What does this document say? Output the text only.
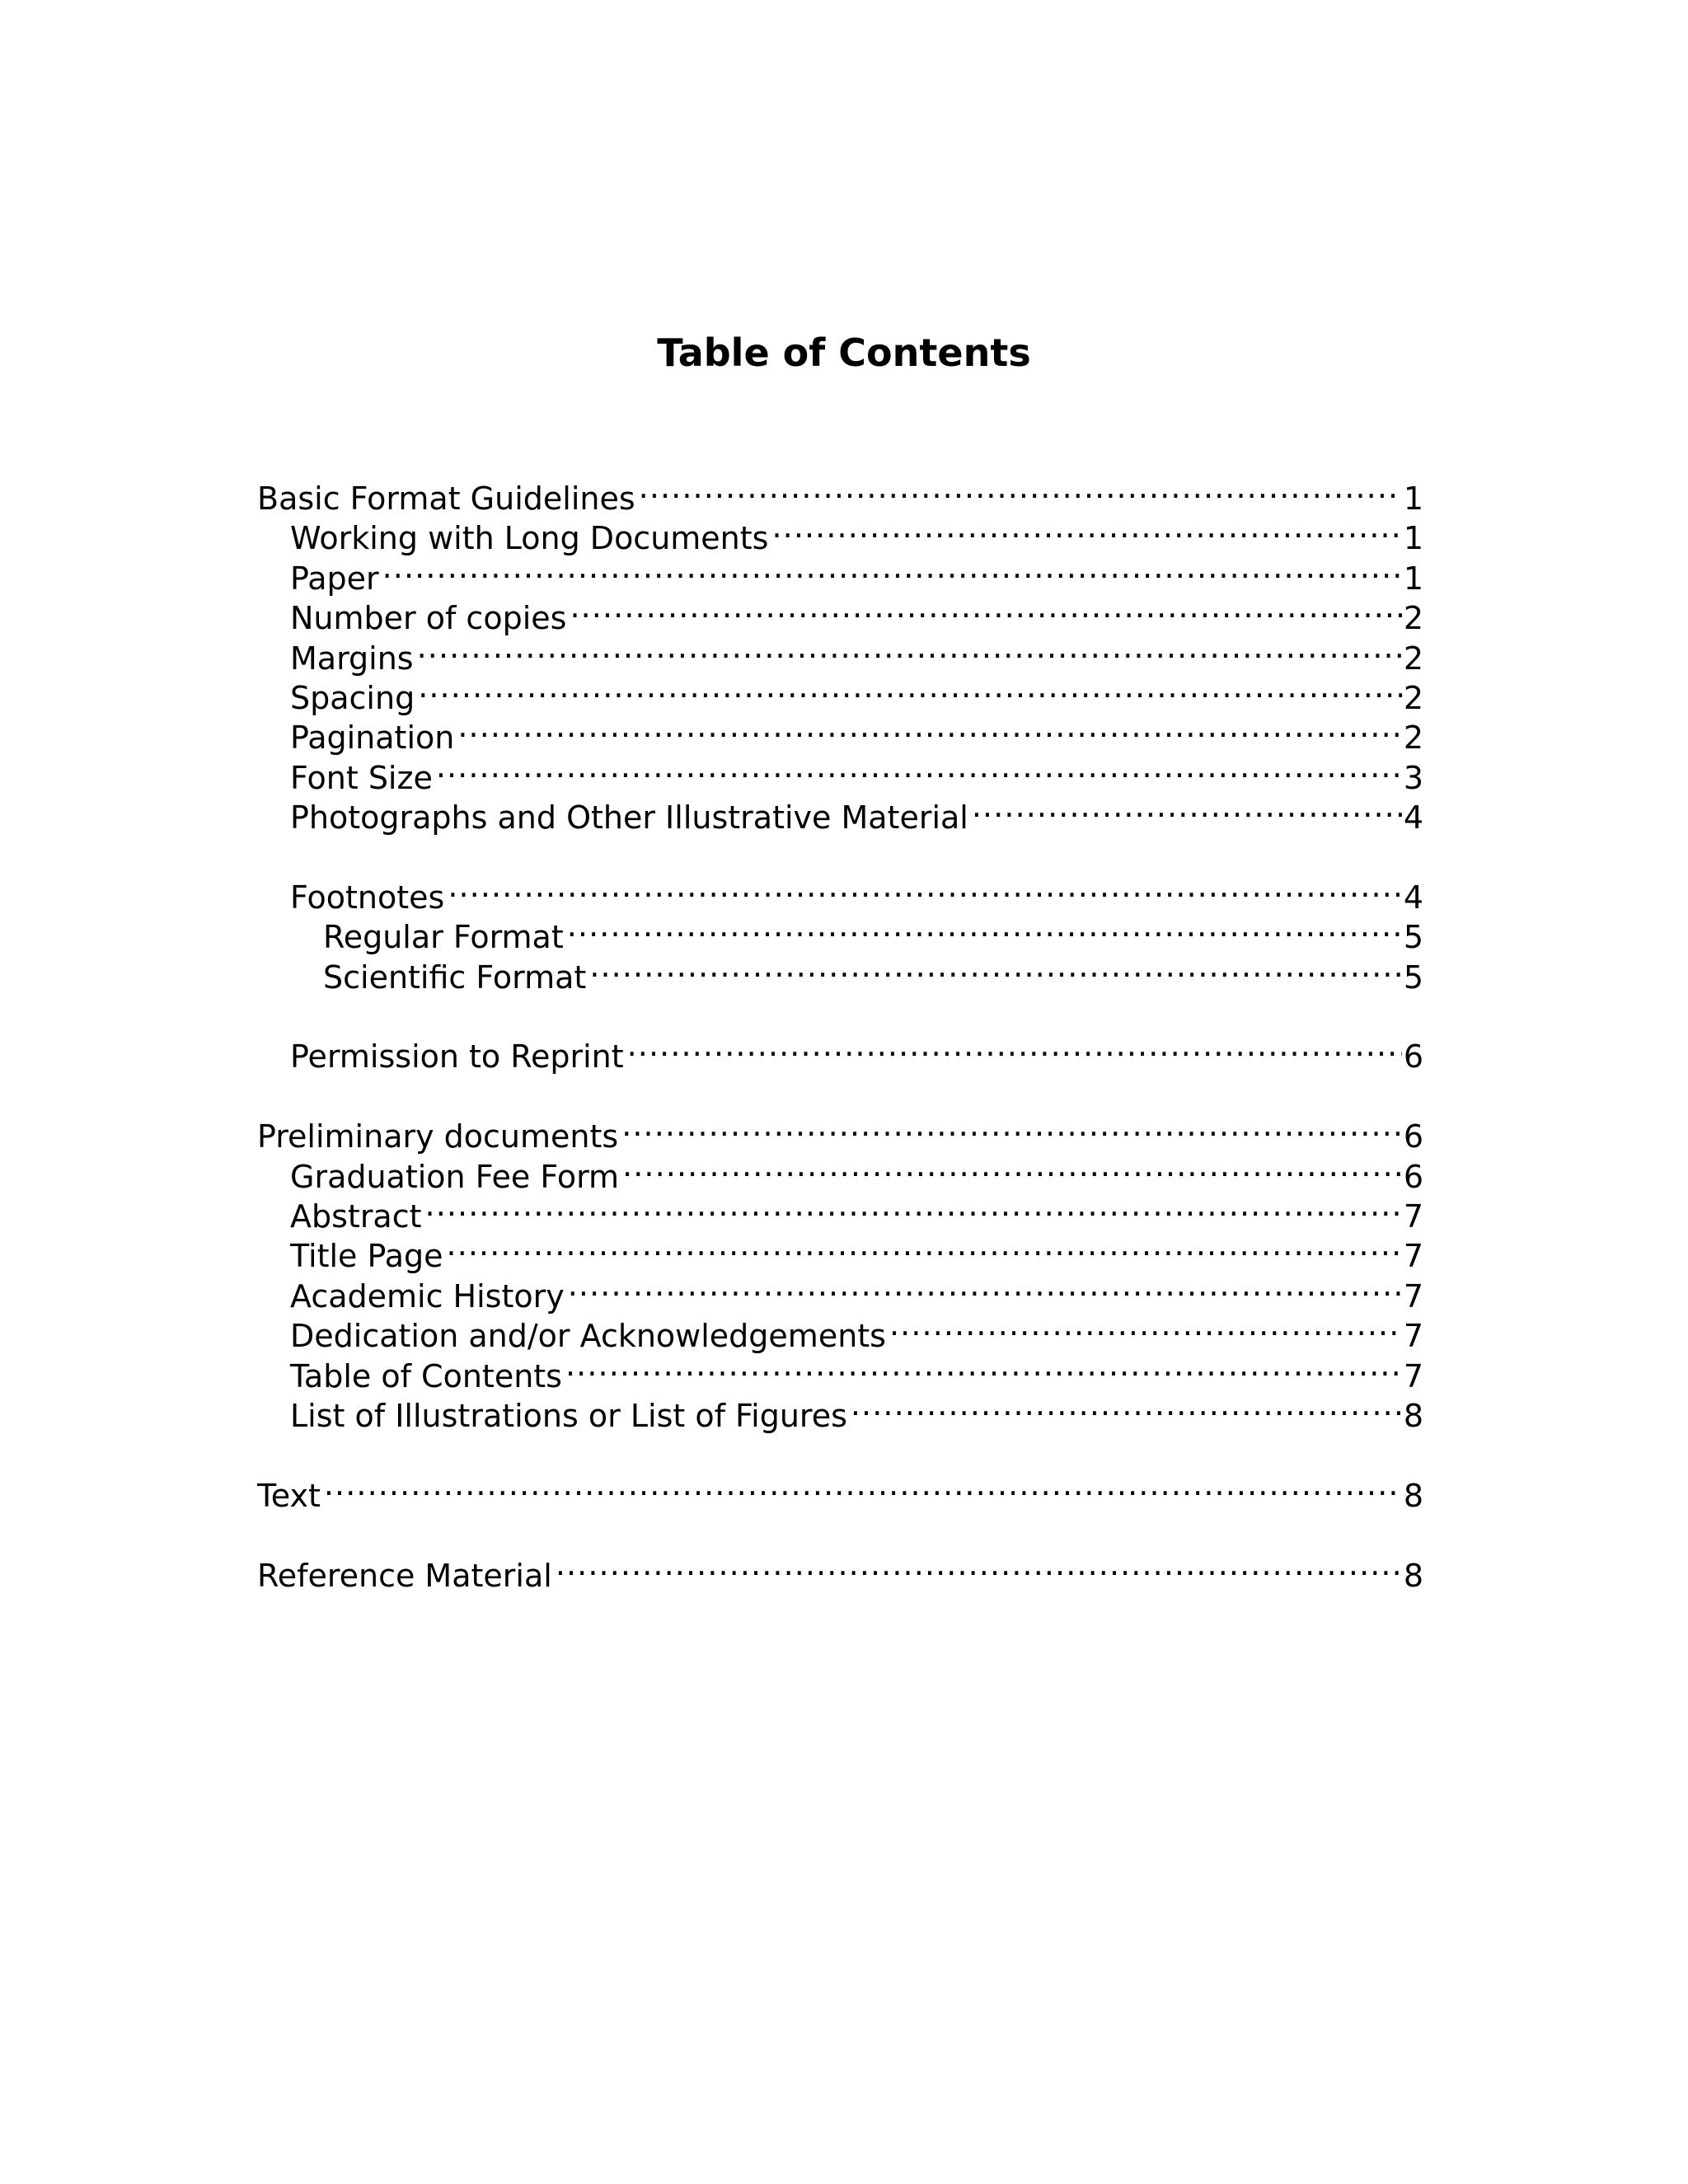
Table of Contents
Basic Format Guidelines .....	1
Working with Long Documents .....	1
Paper .....	1
Number of copies .....	2
Margins .....	2
Spacing .....	2
Pagination .....	2
Font Size .....	3
Photographs and Other Illustrative Material .....	4
Footnotes .....	4
Regular Format .....	5
Scientific Format .....	5
Permission to Reprint .....	6
Preliminary documents .....	6
Graduation Fee Form .....	6
Abstract .....	7
Title Page .....	7
Academic History .....	7
Dedication and/or Acknowledgements .....	7
Table of Contents .....	7
List of Illustrations or List of Figures .....	8
Text .....	8
Reference Material .....	8
